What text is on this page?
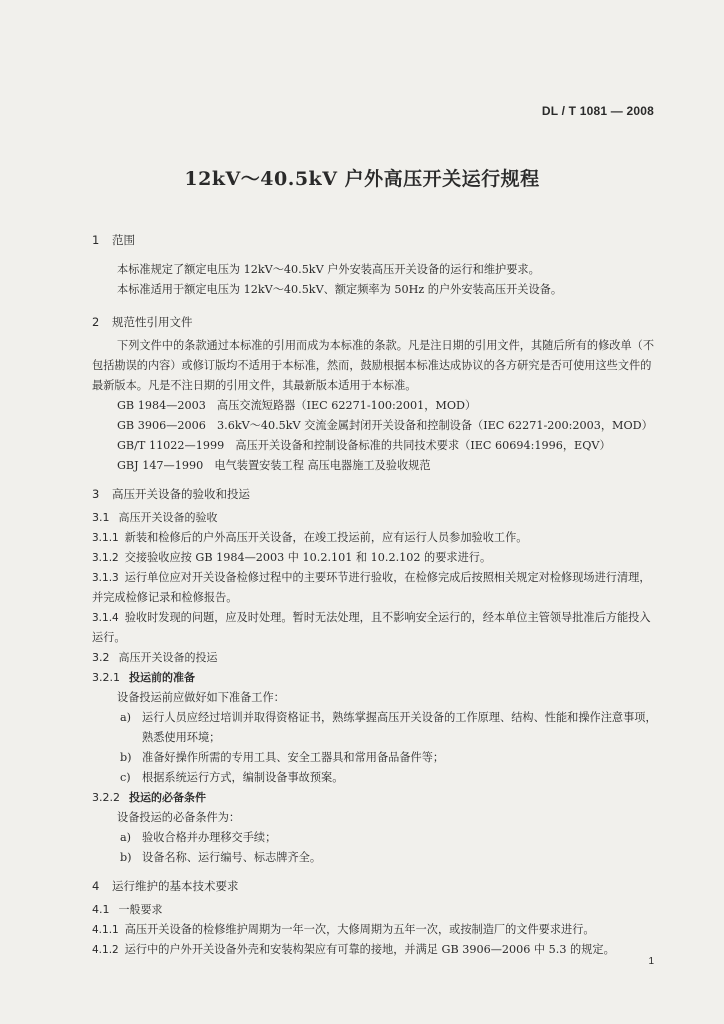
DL / T 1081 — 2008
12kV～40.5kV 户外高压开关运行规程
1 范围

本标准规定了额定电压为 12kV～40.5kV 户外安装高压开关设备的运行和维护要求。

本标准适用于额定电压为 12kV～40.5kV、额定频率为 50Hz 的户外安装高压开关设备。

2 规范性引用文件

下列文件中的条款通过本标准的引用而成为本标准的条款。凡是注日期的引用文件，其随后所有的修改单（不包括勘误的内容）或修订版均不适用于本标准，然而，鼓励根据本标准达成协议的各方研究是否可使用这些文件的最新版本。凡是不注日期的引用文件，其最新版本适用于本标准。

GB 1984—2003　高压交流短路器（IEC 62271-100:2001，MOD）

GB 3906—2006　3.6kV～40.5kV 交流金属封闭开关设备和控制设备（IEC 62271-200:2003，MOD）

GB/T 11022—1999　高压开关设备和控制设备标准的共同技术要求（IEC 60694:1996，EQV）

GBJ 147—1990　电气装置安装工程 高压电器施工及验收规范

3 高压开关设备的验收和投运
3.1 高压开关设备的验收

3.1.1 新装和检修后的户外高压开关设备，在竣工投运前，应有运行人员参加验收工作。

3.1.2 交接验收应按 GB 1984—2003 中 10.2.101 和 10.2.102 的要求进行。

3.1.3 运行单位应对开关设备检修过程中的主要环节进行验收，在检修完成后按照相关规定对检修现场进行清理，并完成检修记录和检修报告。

3.1.4 验收时发现的问题，应及时处理。暂时无法处理，且不影响安全运行的，经本单位主管领导批准后方能投入运行。

3.2 高压开关设备的投运
3.2.1 投运前的准备

设备投运前应做好如下准备工作：

a) 运行人员应经过培训并取得资格证书，熟练掌握高压开关设备的工作原理、结构、性能和操作注意事项，熟悉使用环境；

b) 准备好操作所需的专用工具、安全工器具和常用备品备件等；

c) 根据系统运行方式，编制设备事故预案。

3.2.2 投运的必备条件

设备投运的必备条件为：

a) 验收合格并办理移交手续；

b) 设备名称、运行编号、标志牌齐全。

4 运行维护的基本技术要求
4.1 一般要求

4.1.1 高压开关设备的检修维护周期为一年一次，大修周期为五年一次，或按制造厂的文件要求进行。

4.1.2 运行中的户外开关设备外壳和安装构架应有可靠的接地，并满足 GB 3906—2006 中 5.3 的规定。

1
